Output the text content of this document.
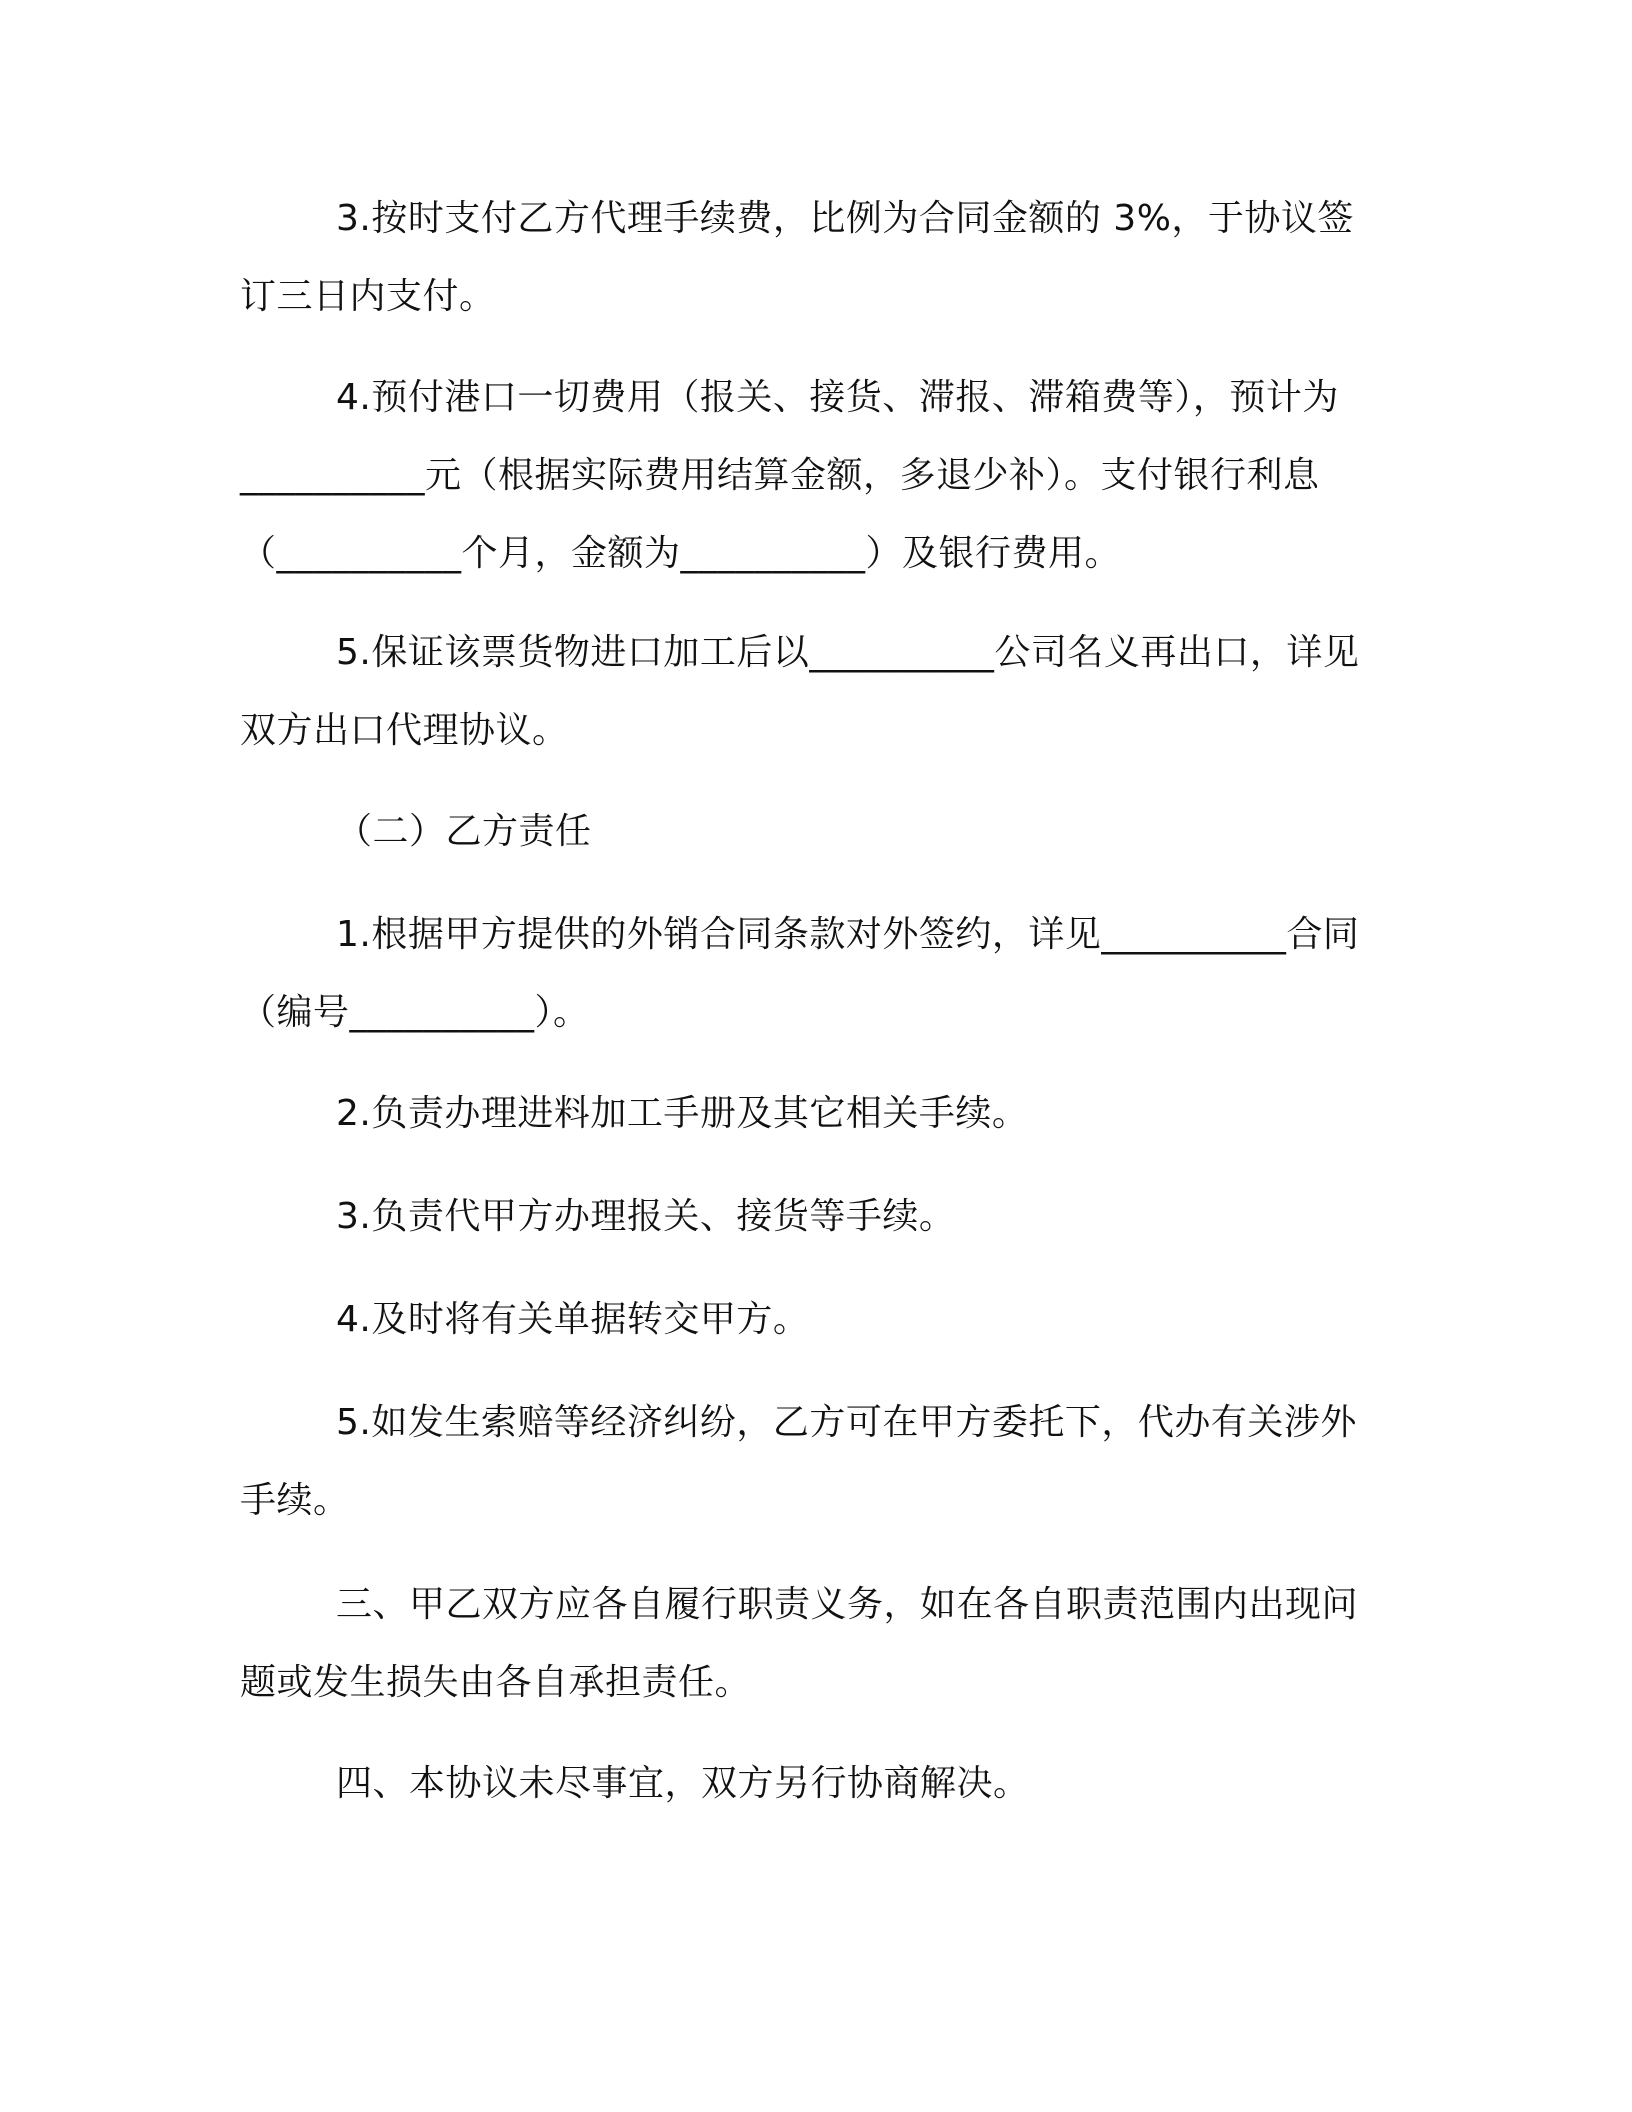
3.按时支付乙方代理手续费，比例为合同金额的 3%，于协议签
订三日内支付。

4.预付港口一切费用（报关、接货、滞报、滞箱费等），预计为
__________元（根据实际费用结算金额，多退少补）。支付银行利息
（__________个月，金额为__________）及银行费用。

5.保证该票货物进口加工后以__________公司名义再出口，详见
双方出口代理协议。

（二）乙方责任

1.根据甲方提供的外销合同条款对外签约，详见__________合同
（编号__________）。

2.负责办理进料加工手册及其它相关手续。

3.负责代甲方办理报关、接货等手续。

4.及时将有关单据转交甲方。

5.如发生索赔等经济纠纷，乙方可在甲方委托下，代办有关涉外
手续。

三、甲乙双方应各自履行职责义务，如在各自职责范围内出现问
题或发生损失由各自承担责任。

四、本协议未尽事宜，双方另行协商解决。
